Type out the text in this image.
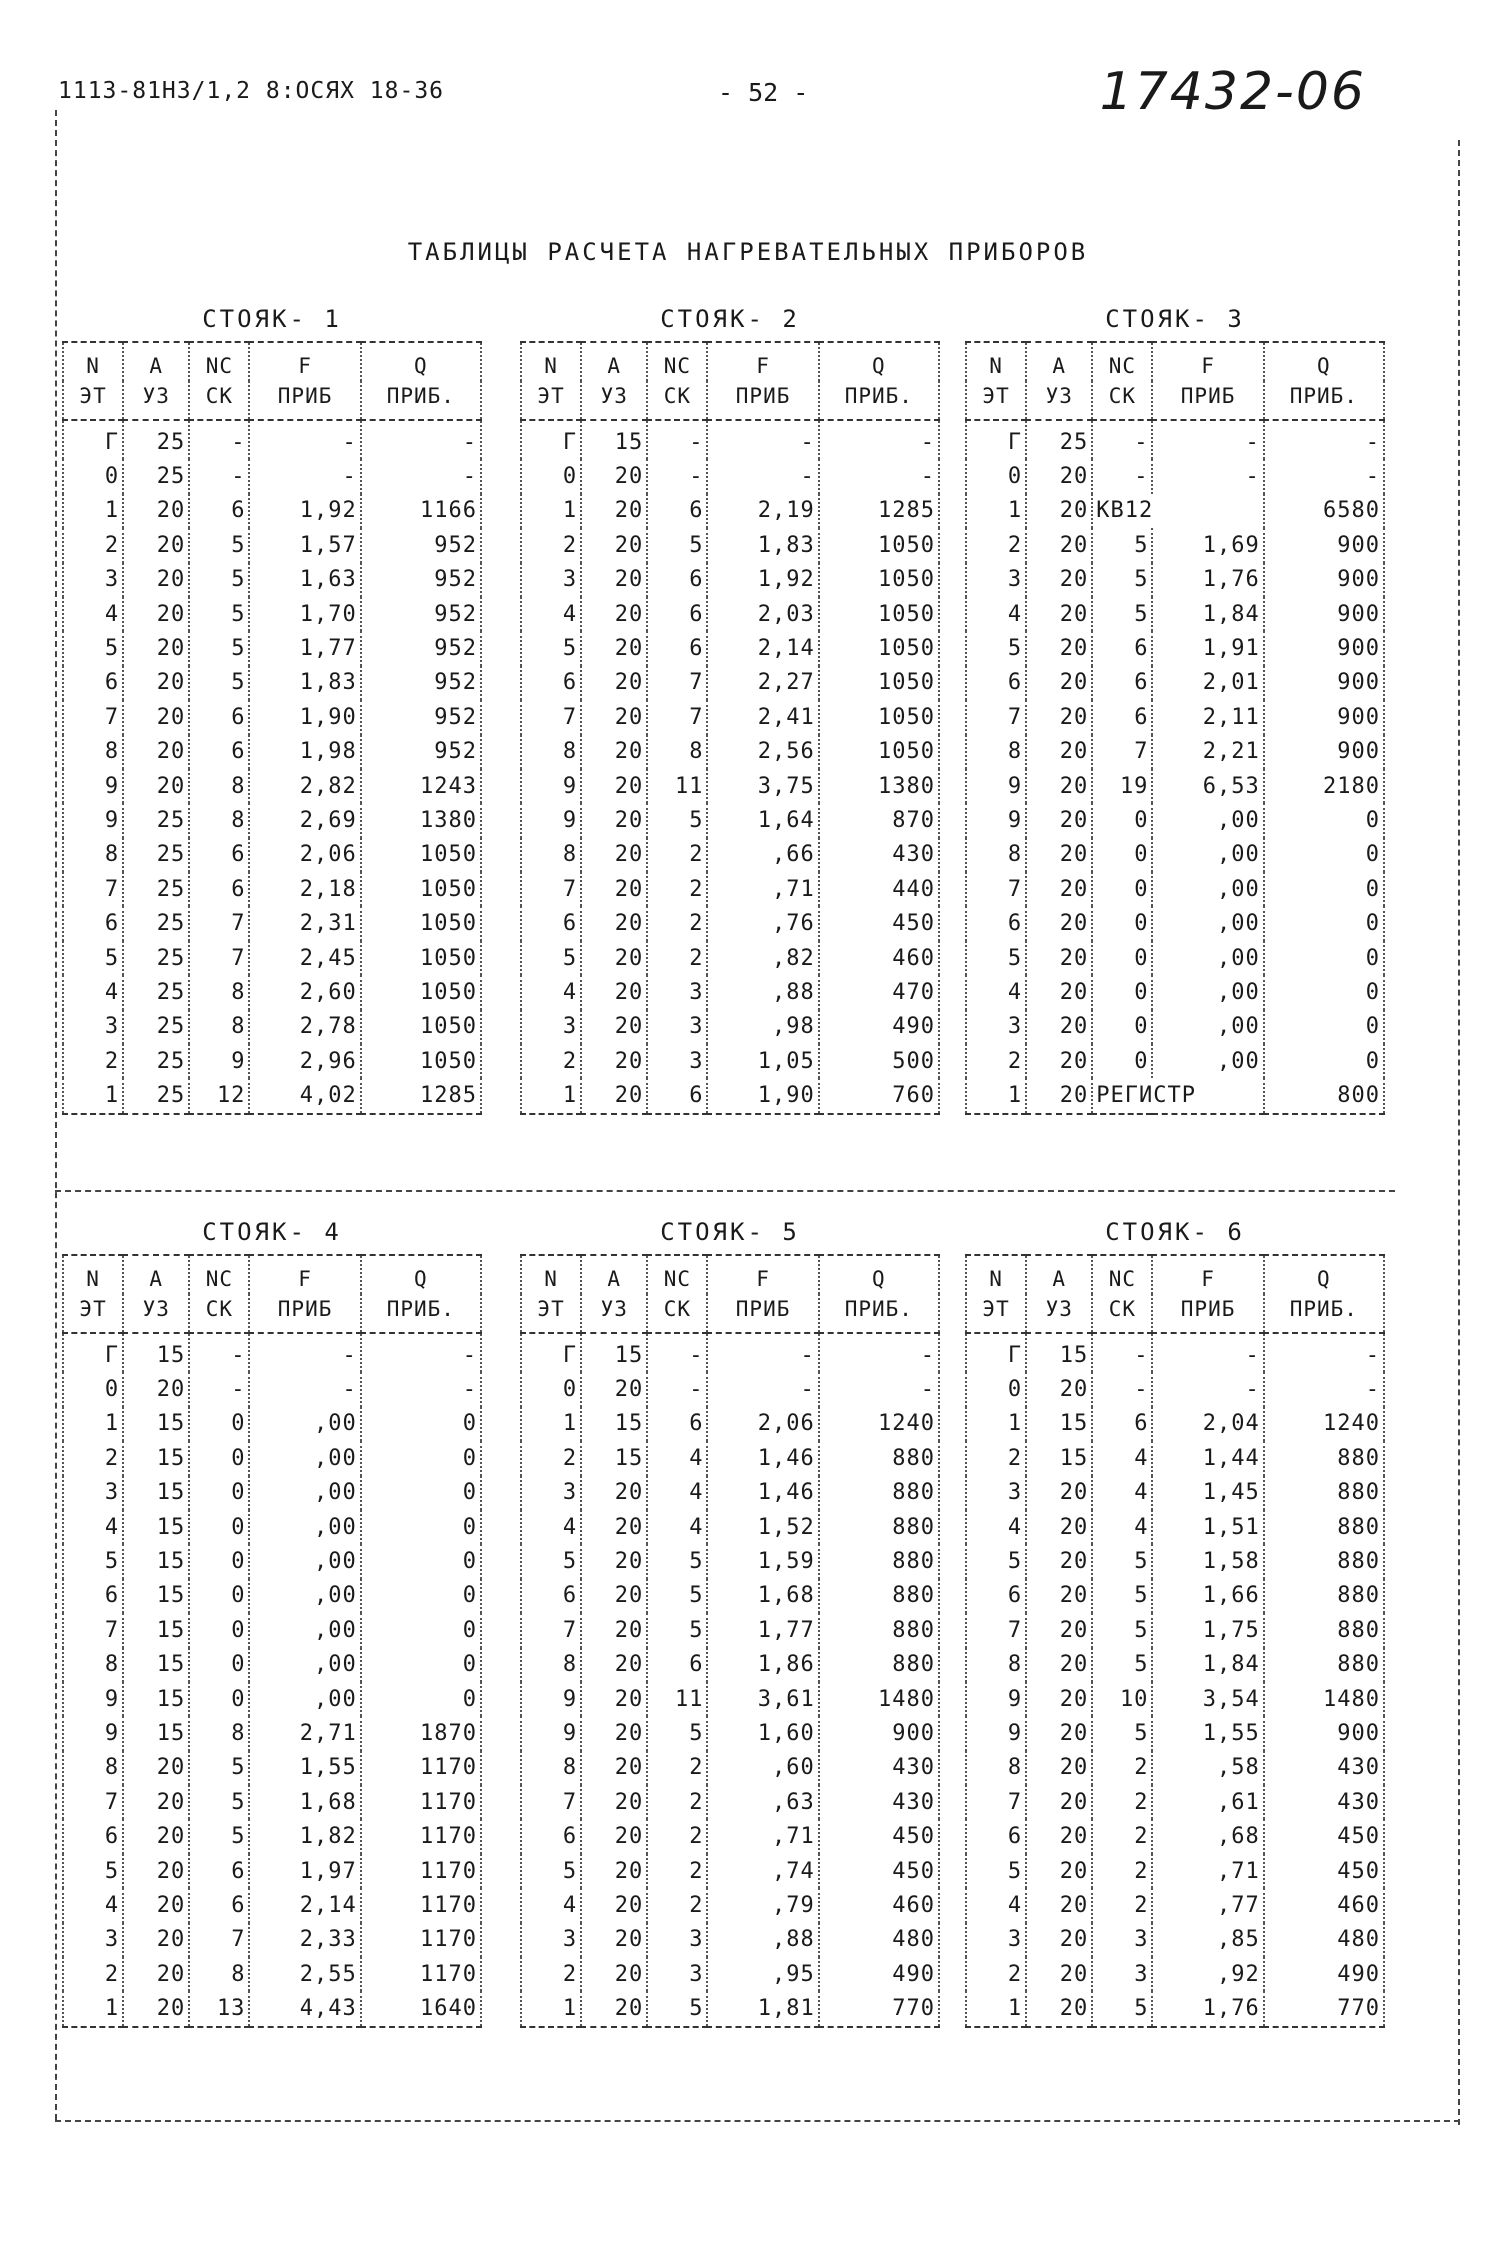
1113-81НЗ/1,2 8:ОСЯХ 18-36	- 52 -	17432-06
ТАБЛИЦЫ РАСЧЕТА НАГРЕВАТЕЛЬНЫХ ПРИБОРОВ
СТОЯК- 1
N	A	NC	F	Q
ЭТ	УЗ	СК	ПРИБ	ПРИБ.
Г	25	-	-	-
0	25	-	-	-
1	20	6	1,92	1166
2	20	5	1,57	952
3	20	5	1,63	952
4	20	5	1,70	952
5	20	5	1,77	952
6	20	5	1,83	952
7	20	6	1,90	952
8	20	6	1,98	952
9	20	8	2,82	1243
9	25	8	2,69	1380
8	25	6	2,06	1050
7	25	6	2,18	1050
6	25	7	2,31	1050
5	25	7	2,45	1050
4	25	8	2,60	1050
3	25	8	2,78	1050
2	25	9	2,96	1050
1	25	12	4,02	1285
СТОЯК- 2
N	A	NC	F	Q
ЭТ	УЗ	СК	ПРИБ	ПРИБ.
Г	15	-	-	-
0	20	-	-	-
1	20	6	2,19	1285
2	20	5	1,83	1050
3	20	6	1,92	1050
4	20	6	2,03	1050
5	20	6	2,14	1050
6	20	7	2,27	1050
7	20	7	2,41	1050
8	20	8	2,56	1050
9	20	11	3,75	1380
9	20	5	1,64	870
8	20	2	,66	430
7	20	2	,71	440
6	20	2	,76	450
5	20	2	,82	460
4	20	3	,88	470
3	20	3	,98	490
2	20	3	1,05	500
1	20	6	1,90	760
СТОЯК- 3
N	A	NC	F	Q
ЭТ	УЗ	СК	ПРИБ	ПРИБ.
Г	25	-	-	-
0	20	-	-	-
1	20	КВ12		6580
2	20	5	1,69	900
3	20	5	1,76	900
4	20	5	1,84	900
5	20	6	1,91	900
6	20	6	2,01	900
7	20	6	2,11	900
8	20	7	2,21	900
9	20	19	6,53	2180
9	20	0	,00	0
8	20	0	,00	0
7	20	0	,00	0
6	20	0	,00	0
5	20	0	,00	0
4	20	0	,00	0
3	20	0	,00	0
2	20	0	,00	0
1	20	РЕГИСТР		800
СТОЯК- 4
N	A	NC	F	Q
ЭТ	УЗ	СК	ПРИБ	ПРИБ.
Г	15	-	-	-
0	20	-	-	-
1	15	0	,00	0
2	15	0	,00	0
3	15	0	,00	0
4	15	0	,00	0
5	15	0	,00	0
6	15	0	,00	0
7	15	0	,00	0
8	15	0	,00	0
9	15	0	,00	0
9	15	8	2,71	1870
8	20	5	1,55	1170
7	20	5	1,68	1170
6	20	5	1,82	1170
5	20	6	1,97	1170
4	20	6	2,14	1170
3	20	7	2,33	1170
2	20	8	2,55	1170
1	20	13	4,43	1640
СТОЯК- 5
N	A	NC	F	Q
ЭТ	УЗ	СК	ПРИБ	ПРИБ.
Г	15	-	-	-
0	20	-	-	-
1	15	6	2,06	1240
2	15	4	1,46	880
3	20	4	1,46	880
4	20	4	1,52	880
5	20	5	1,59	880
6	20	5	1,68	880
7	20	5	1,77	880
8	20	6	1,86	880
9	20	11	3,61	1480
9	20	5	1,60	900
8	20	2	,60	430
7	20	2	,63	430
6	20	2	,71	450
5	20	2	,74	450
4	20	2	,79	460
3	20	3	,88	480
2	20	3	,95	490
1	20	5	1,81	770
СТОЯК- 6
N	A	NC	F	Q
ЭТ	УЗ	СК	ПРИБ	ПРИБ.
Г	15	-	-	-
0	20	-	-	-
1	15	6	2,04	1240
2	15	4	1,44	880
3	20	4	1,45	880
4	20	4	1,51	880
5	20	5	1,58	880
6	20	5	1,66	880
7	20	5	1,75	880
8	20	5	1,84	880
9	20	10	3,54	1480
9	20	5	1,55	900
8	20	2	,58	430
7	20	2	,61	430
6	20	2	,68	450
5	20	2	,71	450
4	20	2	,77	460
3	20	3	,85	480
2	20	3	,92	490
1	20	5	1,76	770
